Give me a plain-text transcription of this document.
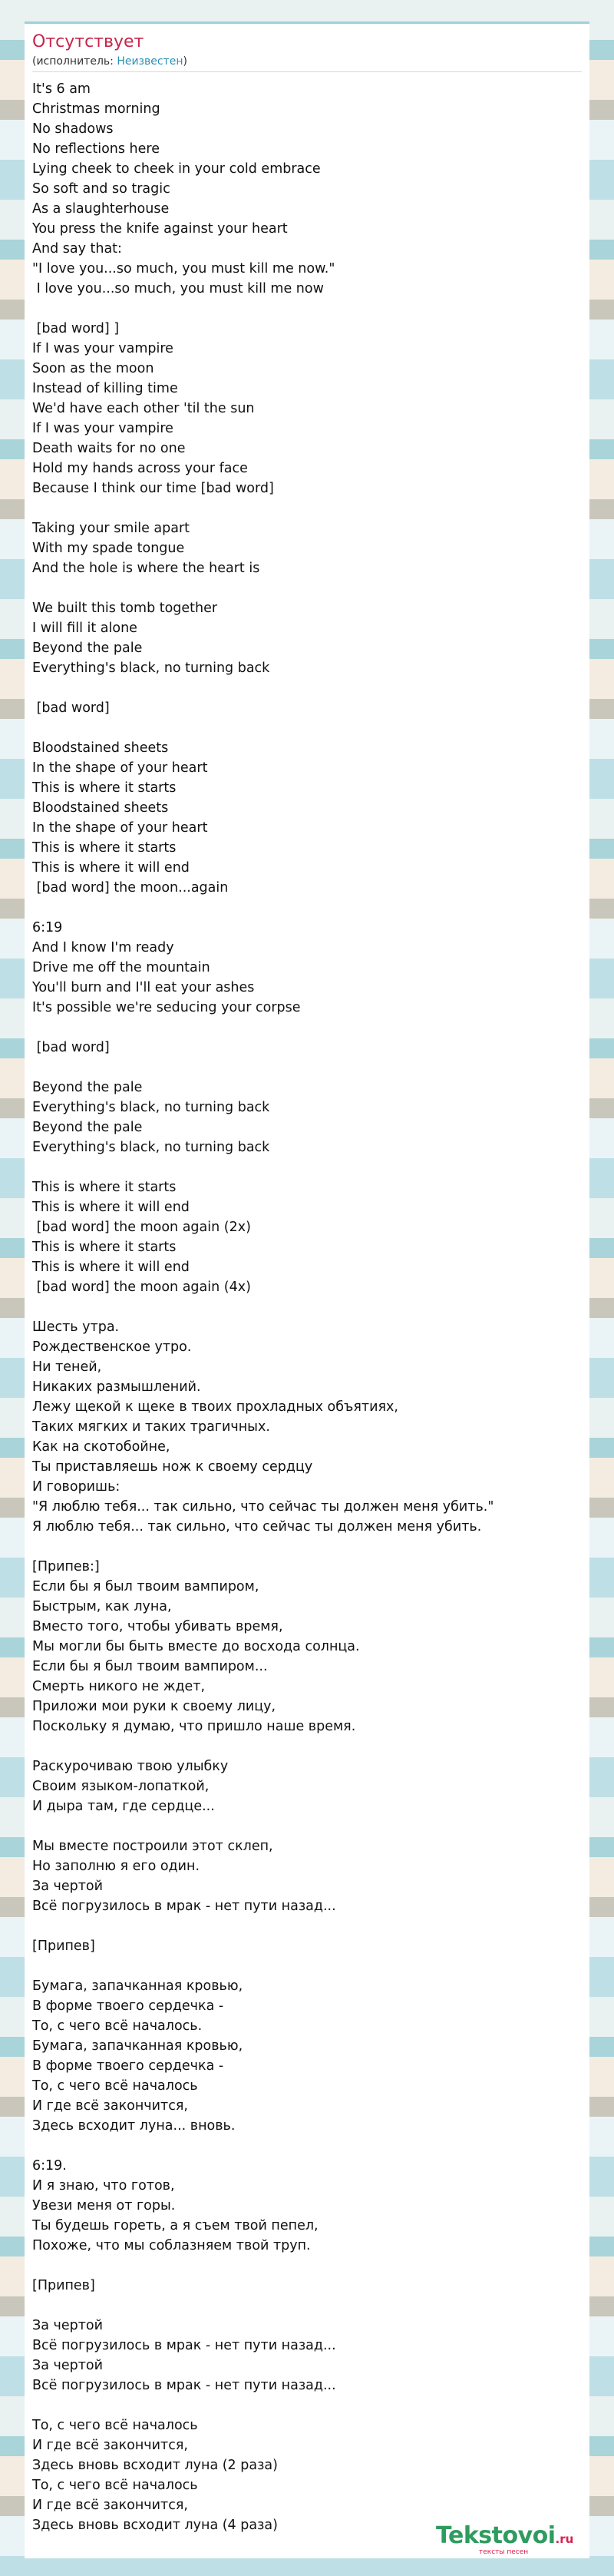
Отсутствует
(исполнитель: Неизвестен)
It's 6 am
Christmas morning
No shadows
No reflections here
Lying cheek to cheek in your cold embrace
So soft and so tragic
As a slaughterhouse
You press the knife against your heart
And say that:
"I love you...so much, you must kill me now."
I love you...so much, you must kill me now
[bad word] ]
If I was your vampire
Soon as the moon
Instead of killing time
We'd have each other 'til the sun
If I was your vampire
Death waits for no one
Hold my hands across your face
Because I think our time [bad word]
Taking your smile apart
With my spade tongue
And the hole is where the heart is
We built this tomb together
I will fill it alone
Beyond the pale
Everything's black, no turning back
[bad word]
Bloodstained sheets
In the shape of your heart
This is where it starts
Bloodstained sheets
In the shape of your heart
This is where it starts
This is where it will end
[bad word] the moon...again
6:19
And I know I'm ready
Drive me off the mountain
You'll burn and I'll eat your ashes
It's possible we're seducing your corpse
[bad word]
Beyond the pale
Everything's black, no turning back
Beyond the pale
Everything's black, no turning back
This is where it starts
This is where it will end
[bad word] the moon again (2x)
This is where it starts
This is where it will end
[bad word] the moon again (4x)
Шесть утра.
Рождественское утро.
Ни теней,
Никаких размышлений.
Лежу щекой к щеке в твоих прохладных объятиях,
Таких мягких и таких трагичных.
Как на скотобойне,
Ты приставляешь нож к своему сердцу
И говоришь:
"Я люблю тебя... так сильно, что сейчас ты должен меня убить."
Я люблю тебя... так сильно, что сейчас ты должен меня убить.
[Припев:]
Если бы я был твоим вампиром,
Быстрым, как луна,
Вместо того, чтобы убивать время,
Мы могли бы быть вместе до восхода солнца.
Если бы я был твоим вампиром...
Смерть никого не ждет,
Приложи мои руки к своему лицу,
Поскольку я думаю, что пришло наше время.
Раскурочиваю твою улыбку
Своим языком-лопаткой,
И дыра там, где сердце...
Мы вместе построили этот склеп,
Но заполню я его один.
За чертой
Всё погрузилось в мрак - нет пути назад...
[Припев]
Бумага, запачканная кровью,
В форме твоего сердечка -
То, с чего всё началось.
Бумага, запачканная кровью,
В форме твоего сердечка -
То, с чего всё началось
И где всё закончится,
Здесь всходит луна... вновь.
6:19.
И я знаю, что готов,
Увези меня от горы.
Ты будешь гореть, а я съем твой пепел,
Похоже, что мы соблазняем твой труп.
[Припев]
За чертой
Всё погрузилось в мрак - нет пути назад...
За чертой
Всё погрузилось в мрак - нет пути назад...
То, с чего всё началось
И где всё закончится,
Здесь вновь всходит луна (2 раза)
То, с чего всё началось
И где всё закончится,
Здесь вновь всходит луна (4 раза)	Tekstovoi.ru
тексты песен
